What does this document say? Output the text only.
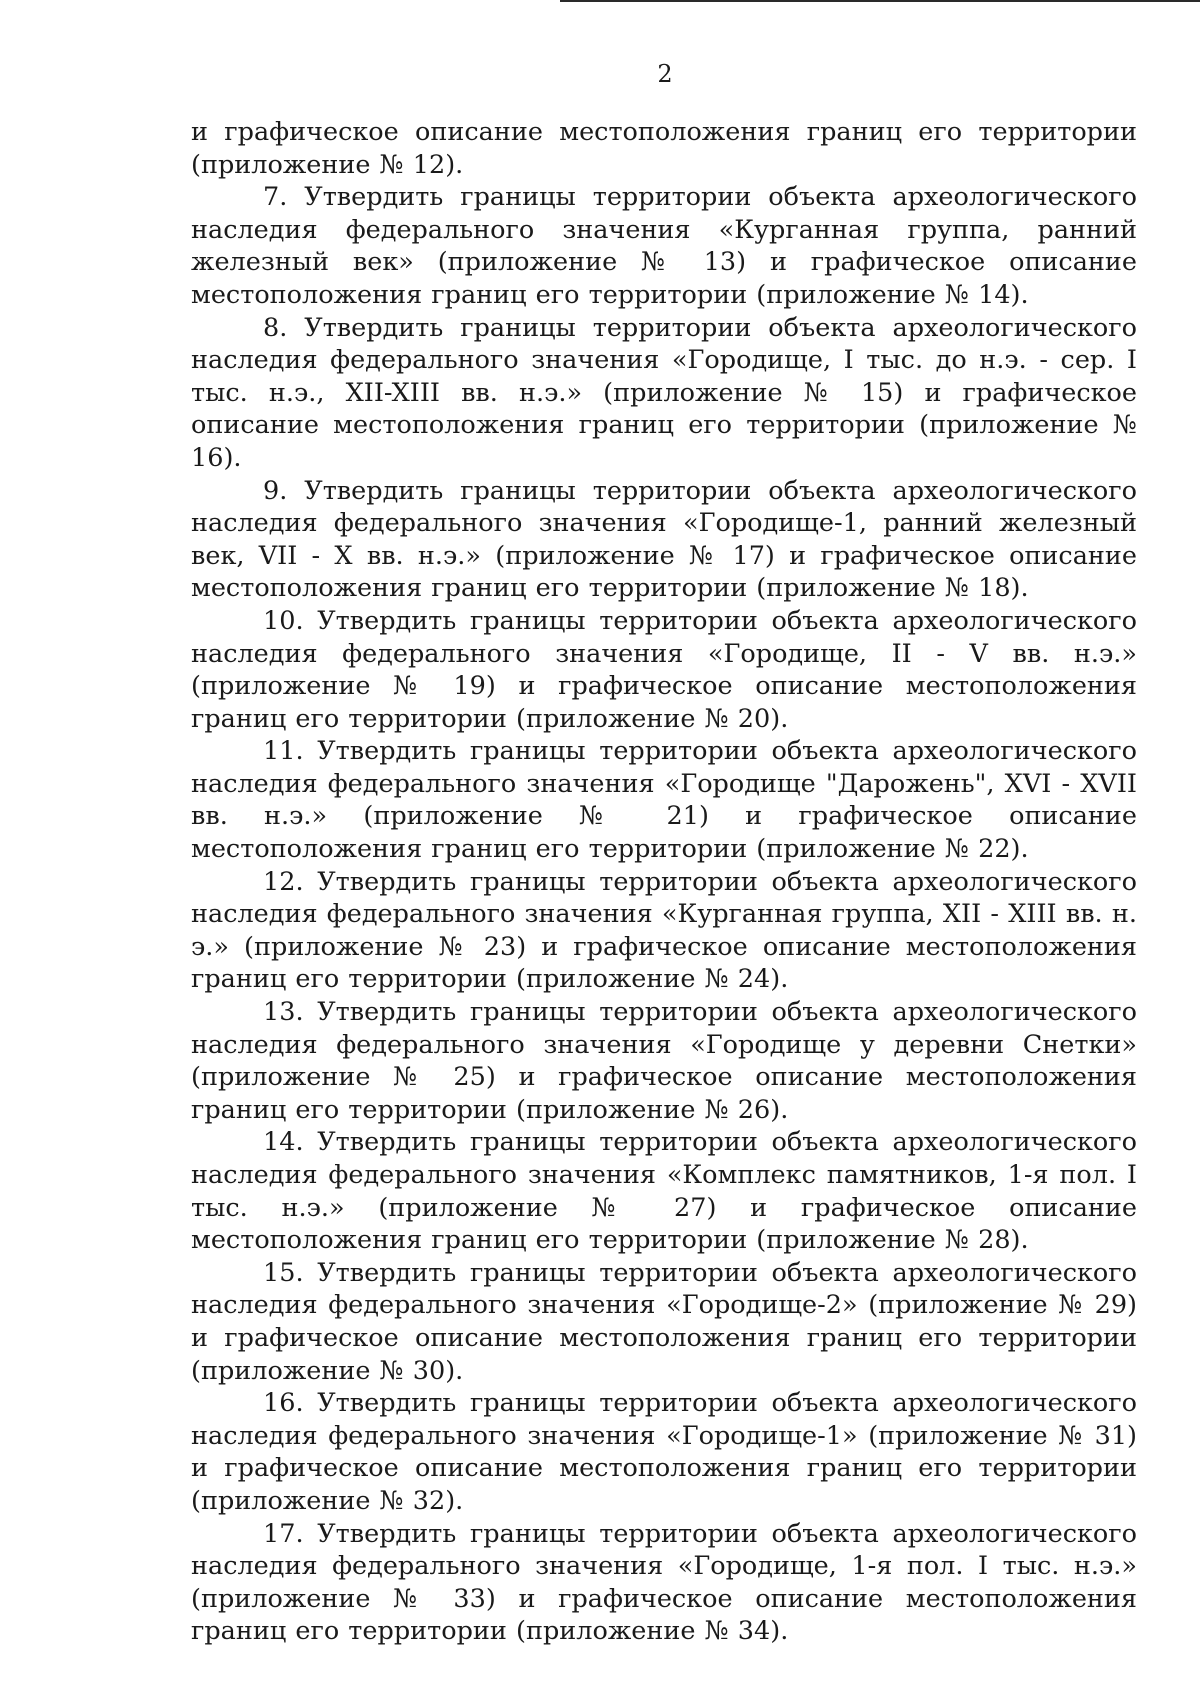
2

и графическое описание местоположения границ его территории (приложение № 12).

7. Утвердить границы территории объекта археологического наследия федерального значения «Курганная группа, ранний железный век» (приложение № 13) и графическое описание местоположения границ его территории (приложение № 14).

8. Утвердить границы территории объекта археологического наследия федерального значения «Городище, I тыс. до н.э. - сер. I тыс. н.э., XII-XIII вв. н.э.» (приложение № 15) и графическое описание местоположения границ его территории (приложение № 16).

9. Утвердить границы территории объекта археологического наследия федерального значения «Городище-1, ранний железный век, VII - X вв. н.э.» (приложение № 17) и графическое описание местоположения границ его территории (приложение № 18).

10. Утвердить границы территории объекта археологического наследия федерального значения «Городище, II - V вв. н.э.» (приложение № 19) и графическое описание местоположения границ его территории (приложение № 20).

11. Утвердить границы территории объекта археологического наследия федерального значения «Городище "Дарожень", XVI - XVII вв. н.э.» (приложение № 21) и графическое описание местоположения границ его территории (приложение № 22).

12. Утвердить границы территории объекта археологического наследия федерального значения «Курганная группа, XII - XIII вв. н. э.» (приложение № 23) и графическое описание местоположения границ его территории (приложение № 24).

13. Утвердить границы территории объекта археологического наследия федерального значения «Городище у деревни Снетки» (приложение № 25) и графическое описание местоположения границ его территории (приложение № 26).

14. Утвердить границы территории объекта археологического наследия федерального значения «Комплекс памятников, 1-я пол. I тыс. н.э.» (приложение № 27) и графическое описание местоположения границ его территории (приложение № 28).

15. Утвердить границы территории объекта археологического наследия федерального значения «Городище-2» (приложение № 29) и графическое описание местоположения границ его территории (приложение № 30).

16. Утвердить границы территории объекта археологического наследия федерального значения «Городище-1» (приложение № 31) и графическое описание местоположения границ его территории (приложение № 32).

17. Утвердить границы территории объекта археологического наследия федерального значения «Городище, 1-я пол. I тыс. н.э.» (приложение № 33) и графическое описание местоположения границ его территории (приложение № 34).
